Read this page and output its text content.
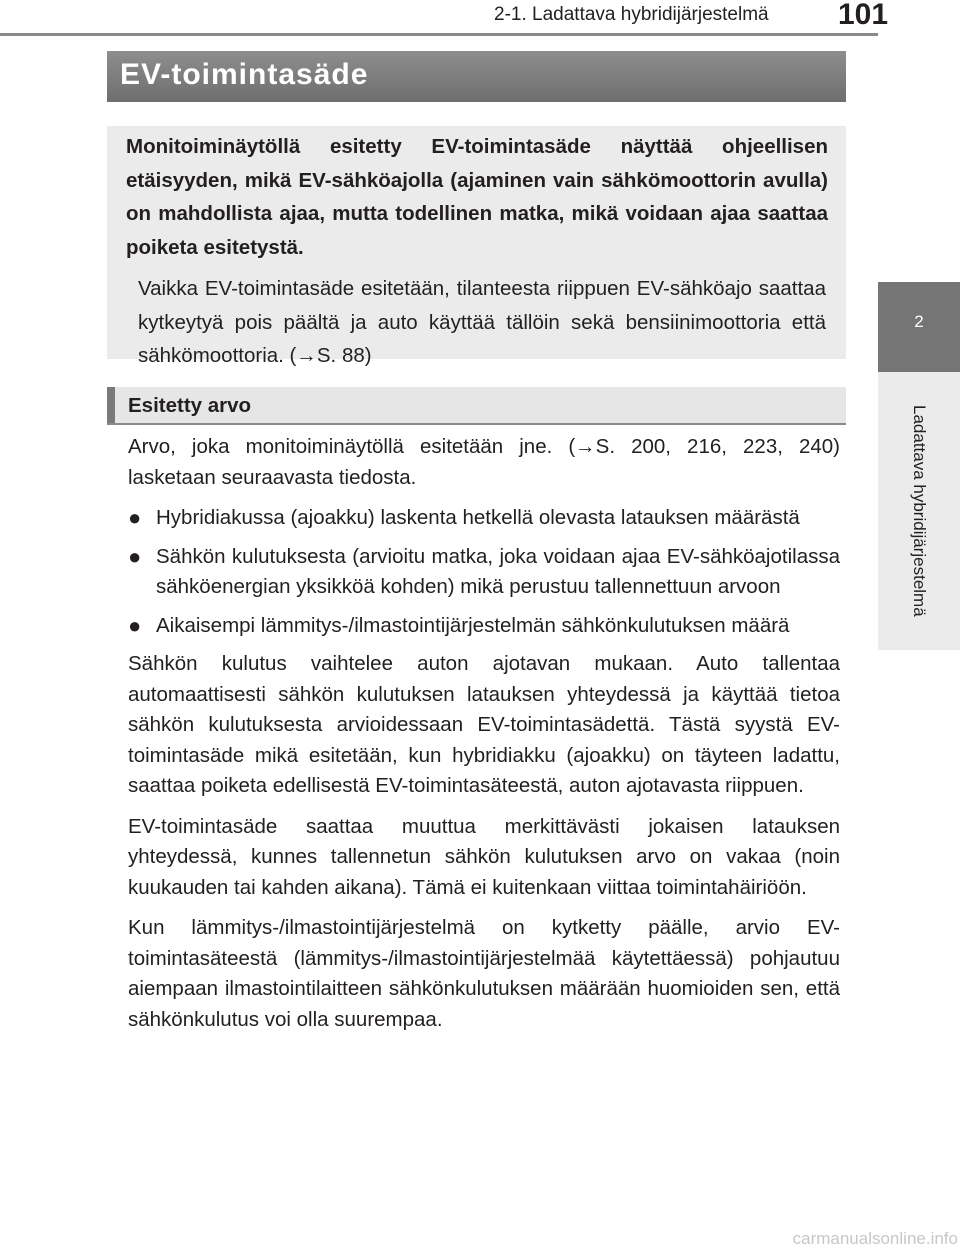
2-1. Ladattava hybridijärjestelmä 101
2
Ladattava hybridijärjestelmä
EV-toimintasäde

Monitoiminäytöllä esitetty EV-toimintasäde näyttää ohjeellisen etäisyyden, mikä EV-sähköajolla (ajaminen vain sähkömoottorin avulla) on mahdollista ajaa, mutta todellinen matka, mikä voidaan ajaa saattaa poiketa esitetystä.

Vaikka EV-toimintasäde esitetään, tilanteesta riippuen EV-sähköajo saattaa kytkeytyä pois päältä ja auto käyttää tällöin sekä bensiinimoottoria että sähkömoottoria. (→S. 88)

Esitetty arvo

Arvo, joka monitoiminäytöllä esitetään jne. (→S. 200, 216, 223, 240) lasketaan seuraavasta tiedosta.

● Hybridiakussa (ajoakku) laskenta hetkellä olevasta latauksen määrästä
● Sähkön kulutuksesta (arvioitu matka, joka voidaan ajaa EV-sähköajotilassa sähköenergian yksikköä kohden) mikä perustuu tallennettuun arvoon
● Aikaisempi lämmitys-/ilmastointijärjestelmän sähkönkulutuksen määrä

Sähkön kulutus vaihtelee auton ajotavan mukaan. Auto tallentaa automaattisesti sähkön kulutuksen latauksen yhteydessä ja käyttää tietoa sähkön kulutuksesta arvioidessaan EV-toimintasädettä. Tästä syystä EV-toimintasäde mikä esitetään, kun hybridiakku (ajoakku) on täyteen ladattu, saattaa poiketa edellisestä EV-toimintasäteestä, auton ajotavasta riippuen.

EV-toimintasäde saattaa muuttua merkittävästi jokaisen latauksen yhteydessä, kunnes tallennetun sähkön kulutuksen arvo on vakaa (noin kuukauden tai kahden aikana). Tämä ei kuitenkaan viittaa toimintahäiriöön.

Kun lämmitys-/ilmastointijärjestelmä on kytketty päälle, arvio EV-toimintasäteestä (lämmitys-/ilmastointijärjestelmää käytettäessä) pohjautuu aiempaan ilmastointilaitteen sähkönkulutuksen määrään huomioiden sen, että sähkönkulutus voi olla suurempaa.

carmanualsonline.info
